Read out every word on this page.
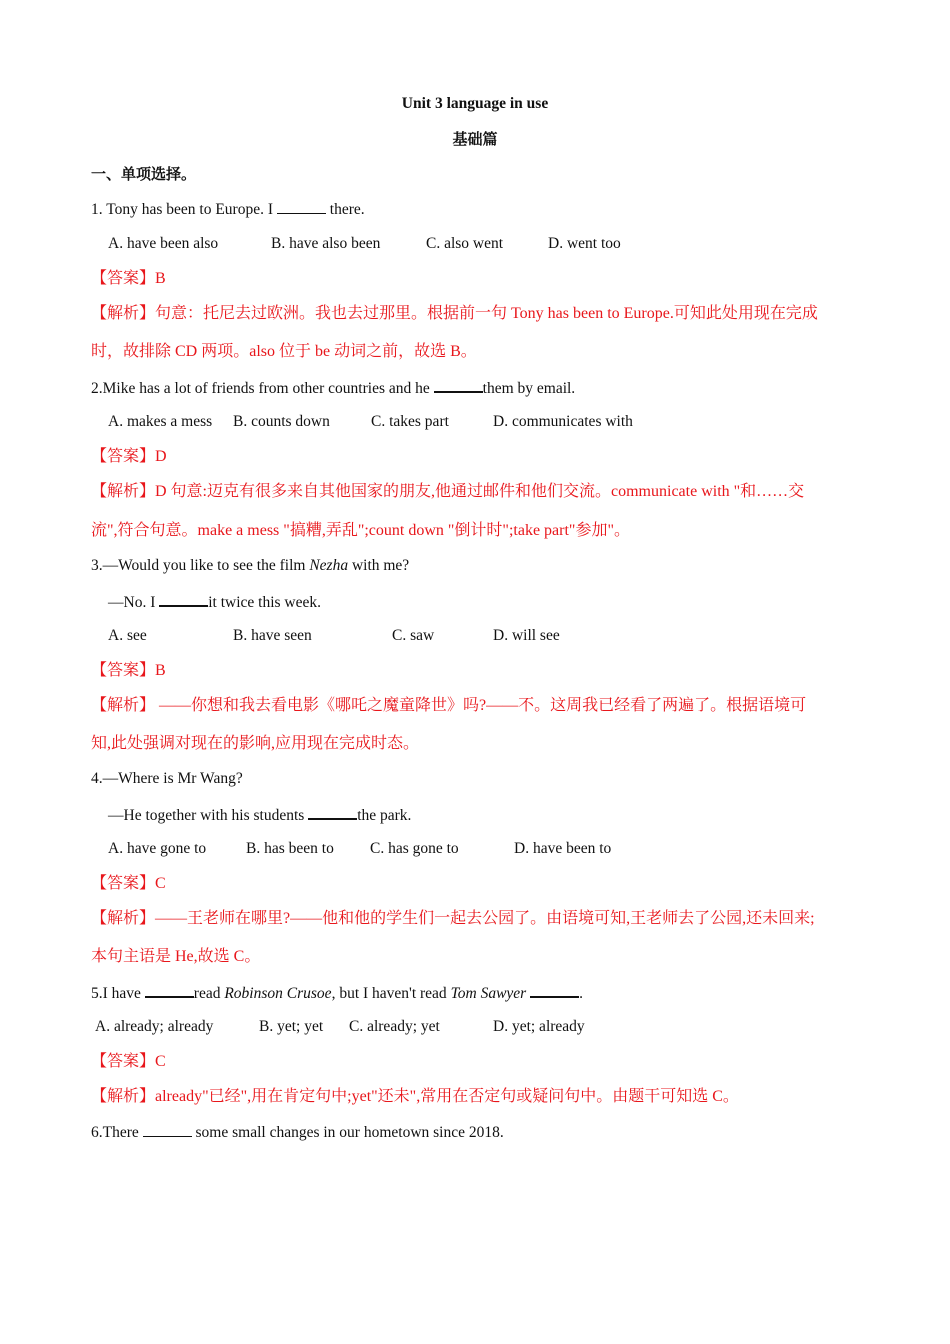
Unit 3 language in use
基础篇
一、单项选择。
1. Tony has been to Europe. I	there.
A. have been also	B. have also been	C. also went	D. went too
【答案】B
【解析】句意：托尼去过欧洲。我也去过那里。根据前一句 Tony has been to Europe.可知此处用现在完成
时，故排除 CD 两项。also 位于 be 动词之前，故选 B。
2.Mike has a lot of friends from other countries and he	them by email.
A. makes a mess B. counts down	C. takes part	D. communicates with
【答案】D
【解析】D 句意:迈克有很多来自其他国家的朋友,他通过邮件和他们交流。communicate with "和……交
流",符合句意。make a mess "搞糟,弄乱";count down "倒计时";take part"参加"。
3.—Would you like to see the film Nezha with me?
—No. I	it twice this week.
A. see	B. have seen	C. saw	D. will see
【答案】B
【解析】 ——你想和我去看电影《哪吒之魔童降世》吗?——不。这周我已经看了两遍了。根据语境可
知,此处强调对现在的影响,应用现在完成时态。
4.—Where is Mr Wang?
—He together with his students	the park.
A. have gone to	B. has been to C. has gone to	D. have been to
【答案】C
【解析】——王老师在哪里?——他和他的学生们一起去公园了。由语境可知,王老师去了公园,还未回来;
本句主语是 He,故选 C。
5.I have	read Robinson Crusoe, but I haven't read Tom Sawyer	.
A. already; already	B. yet; yet C. already; yet	D. yet; already
【答案】C
【解析】already"已经",用在肯定句中;yet"还未",常用在否定句或疑问句中。由题干可知选 C。
6.There	some small changes in our hometown since 2018.
